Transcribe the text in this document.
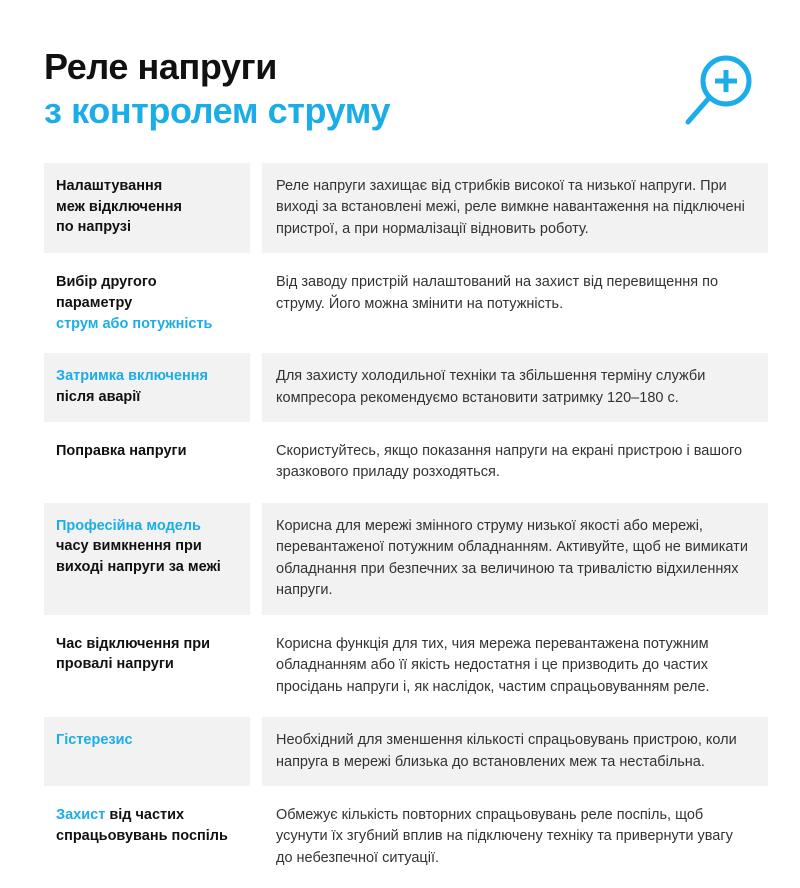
Реле напруги
з контролем струму
Налаштування
меж відключення
по напрузі
Реле напруги захищає від стрибків високої та низької напруги. При виході за встановлені межі, реле вимкне навантаження на підключені пристрої, а при нормалізації відновить роботу.
Вибір другого параметру
струм або потужність
Від заводу пристрій налаштований на захист від перевищення по струму. Його можна змінити на потужність.
Затримка включення
після аварії
Для захисту холодильної техніки та збільшення терміну служби компресора рекомендуємо встановити затримку 120–180 с.
Поправка напруги	Скористуйтесь, якщо показання напруги на екрані пристрою і вашого зразкового приладу розходяться.
Професійна модель
часу вимкнення при
виході напруги за межі
Корисна для мережі змінного струму низької якості або мережі, перевантаженої потужним обладнанням. Активуйте, щоб не вимикати обладнання при безпечних за величиною та тривалістю відхиленнях напруги.
Час відключення при
провалі напруги
Корисна функція для тих, чия мережа перевантажена потужним обладнанням або її якість недостатня і це призводить до частих просідань напруги і, як наслідок, частим спрацьовуванням реле.
Гістерезис	Необхідний для зменшення кількості спрацьовувань пристрою, коли напруга в мережі близька до встановлених меж та нестабільна.
Захист від частих
спрацьовувань поспіль
Обмежує кількість повторних спрацьовувань реле поспіль, щоб усунути їх згубний вплив на підключену техніку та привернути увагу до небезпечної ситуації.
